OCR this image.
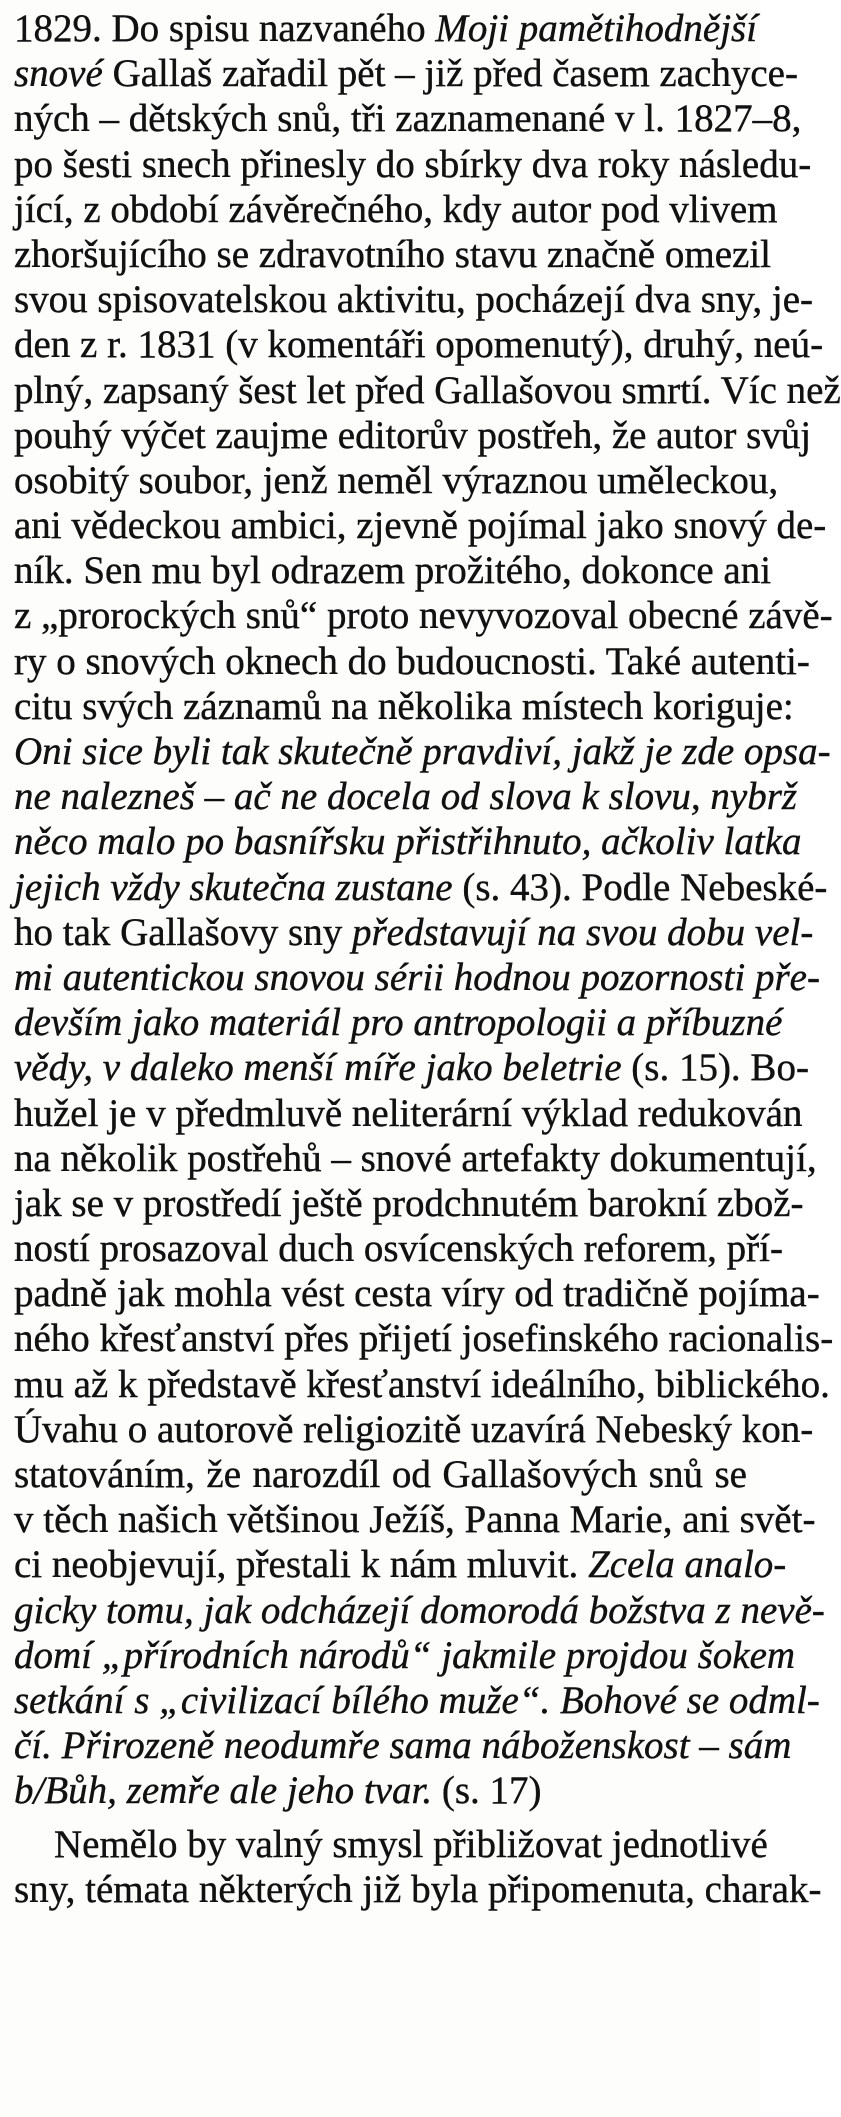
1829. Do spisu nazvaného Moji pamětihodnější
snové Gallaš zařadil pět – již před časem zachyce-
ných – dětských snů, tři zaznamenané v l. 1827–8,
po šesti snech přinesly do sbírky dva roky následu-
jící, z období závěrečného, kdy autor pod vlivem
zhoršujícího se zdravotního stavu značně omezil
svou spisovatelskou aktivitu, pocházejí dva sny, je-
den z r. 1831 (v komentáři opomenutý), druhý, neú-
plný, zapsaný šest let před Gallašovou smrtí. Víc než
pouhý výčet zaujme editorův postřeh, že autor svůj
osobitý soubor, jenž neměl výraznou uměleckou,
ani vědeckou ambici, zjevně pojímal jako snový de-
ník. Sen mu byl odrazem prožitého, dokonce ani
z „prorockých snů“ proto nevyvozoval obecné závě-
ry o snových oknech do budoucnosti. Také autenti-
citu svých záznamů na několika místech koriguje:
Oni sice byli tak skutečně pravdiví, jakž je zde opsa-
ne nalezneš – ač ne docela od slova k slovu, nybrž
něco malo po basnířsku přistřihnuto, ačkoliv latka
jejich vždy skutečna zustane (s. 43). Podle Nebeské-
ho tak Gallašovy sny představují na svou dobu vel-
mi autentickou snovou sérii hodnou pozornosti pře-
devším jako materiál pro antropologii a příbuzné
vědy, v daleko menší míře jako beletrie (s. 15). Bo-
hužel je v předmluvě neliterární výklad redukován
na několik postřehů – snové artefakty dokumentují,
jak se v prostředí ještě prodchnutém barokní zbož-
ností prosazoval duch osvícenských reforem, pří-
padně jak mohla vést cesta víry od tradičně pojíma-
ného křesťanství přes přijetí josefinského racionalis-
mu až k představě křesťanství ideálního, biblického.
Úvahu o autorově religiozitě uzavírá Nebeský kon-
statováním, že narozdíl od Gallašových snů se
v těch našich většinou Ježíš, Panna Marie, ani svět-
ci neobjevují, přestali k nám mluvit. Zcela analo-
gicky tomu, jak odcházejí domorodá božstva z nevě-
domí „přírodních národů“ jakmile projdou šokem
setkání s „civilizací bílého muže“. Bohové se odml-
čí. Přirozeně neodumře sama náboženskost – sám
b/Bůh, zemře ale jeho tvar. (s. 17)
Nemělo by valný smysl přibližovat jednotlivé
sny, témata některých již byla připomenuta, charak-
